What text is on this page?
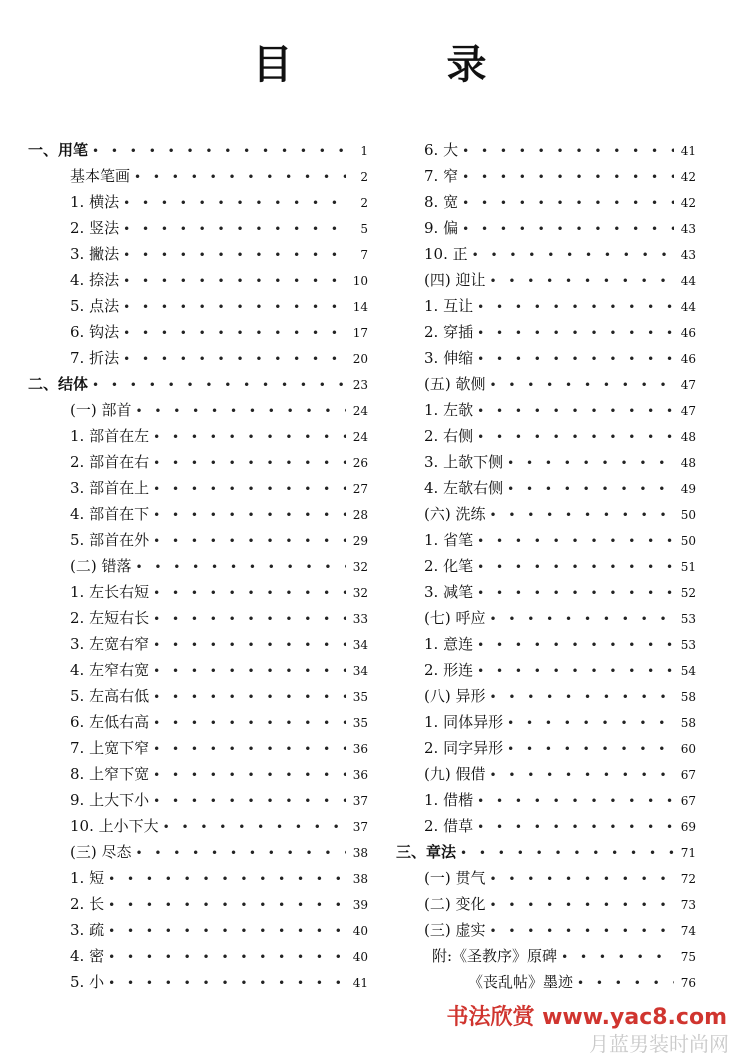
目 录
一、用笔 • • •	1
基本笔画 • • •	2
1. 横法 • • •	2
2. 竖法 • • •	5
3. 撇法 • • •	7
4. 捺法 • • •	10
5. 点法 • • •	14
6. 钩法 • • •	17
7. 折法 • • •	20
二、结体 • • •	23
(一) 部首 • • •	24
1. 部首在左 • • •	24
2. 部首在右 • • •	26
3. 部首在上 • • •	27
4. 部首在下 • • •	28
5. 部首在外 • • •	29
(二) 错落 • • •	32
1. 左长右短 • • •	32
2. 左短右长 • • •	33
3. 左宽右窄 • • •	34
4. 左窄右宽 • • •	34
5. 左高右低 • • •	35
6. 左低右高 • • •	35
7. 上宽下窄 • • •	36
8. 上窄下宽 • • •	36
9. 上大下小 • • •	37
10. 上小下大 • • •	37
(三) 尽态 • • •	38
1. 短 • • •	38
2. 长 • • •	39
3. 疏 • • •	40
4. 密 • • •	40
5. 小 • • •	41
6. 大 • • •	41
7. 窄 • • •	42
8. 宽 • • •	42
9. 偏 • • •	43
10. 正 • • •	43
(四) 迎让 • • •	44
1. 互让 • • •	44
2. 穿插 • • •	46
3. 伸缩 • • •	46
(五) 欹侧 • • •	47
1. 左欹 • • •	47
2. 右侧 • • •	48
3. 上欹下侧 • • •	48
4. 左欹右侧 • • •	49
(六) 洗练 • • •	50
1. 省笔 • • •	50
2. 化笔 • • •	51
3. 减笔 • • •	52
(七) 呼应 • • •	53
1. 意连 • • •	53
2. 形连 • • •	54
(八) 异形 • • •	58
1. 同体异形 • • •	58
2. 同字异形 • • •	60
(九) 假借 • • •	67
1. 借楷 • • •	67
2. 借草 • • •	69
三、章法 • • •	71
(一) 贯气 • • •	72
(二) 变化 • • •	73
(三) 虚实 • • •	74
附:《圣教序》原碑 • • •	75
《丧乱帖》墨迹 • • •	76
书法欣赏 www.yac8.com
月蓝男装时尚网
